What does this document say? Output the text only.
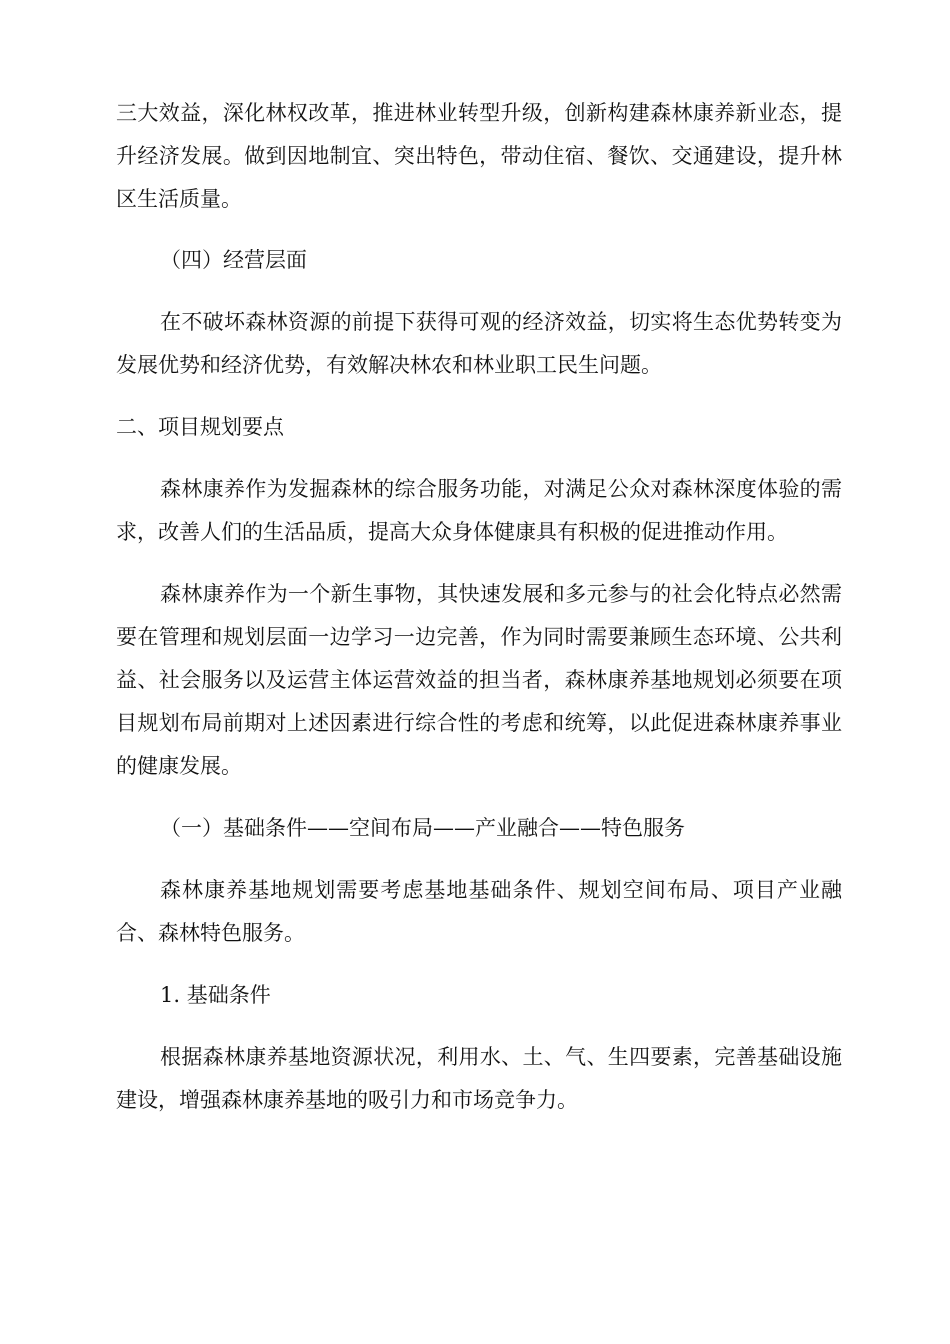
三大效益，深化林权改革，推进林业转型升级，创新构建森林康养新业态，提升经济发展。做到因地制宜、突出特色，带动住宿、餐饮、交通建设，提升林区生活质量。

（四）经营层面

在不破坏森林资源的前提下获得可观的经济效益，切实将生态优势转变为发展优势和经济优势，有效解决林农和林业职工民生问题。

二、项目规划要点

森林康养作为发掘森林的综合服务功能，对满足公众对森林深度体验的需求，改善人们的生活品质，提高大众身体健康具有积极的促进推动作用。

森林康养作为一个新生事物，其快速发展和多元参与的社会化特点必然需要在管理和规划层面一边学习一边完善，作为同时需要兼顾生态环境、公共利益、社会服务以及运营主体运营效益的担当者，森林康养基地规划必须要在项目规划布局前期对上述因素进行综合性的考虑和统筹，以此促进森林康养事业的健康发展。

（一）基础条件——空间布局——产业融合——特色服务

森林康养基地规划需要考虑基地基础条件、规划空间布局、项目产业融合、森林特色服务。

1. 基础条件

根据森林康养基地资源状况，利用水、土、气、生四要素，完善基础设施建设，增强森林康养基地的吸引力和市场竞争力。
